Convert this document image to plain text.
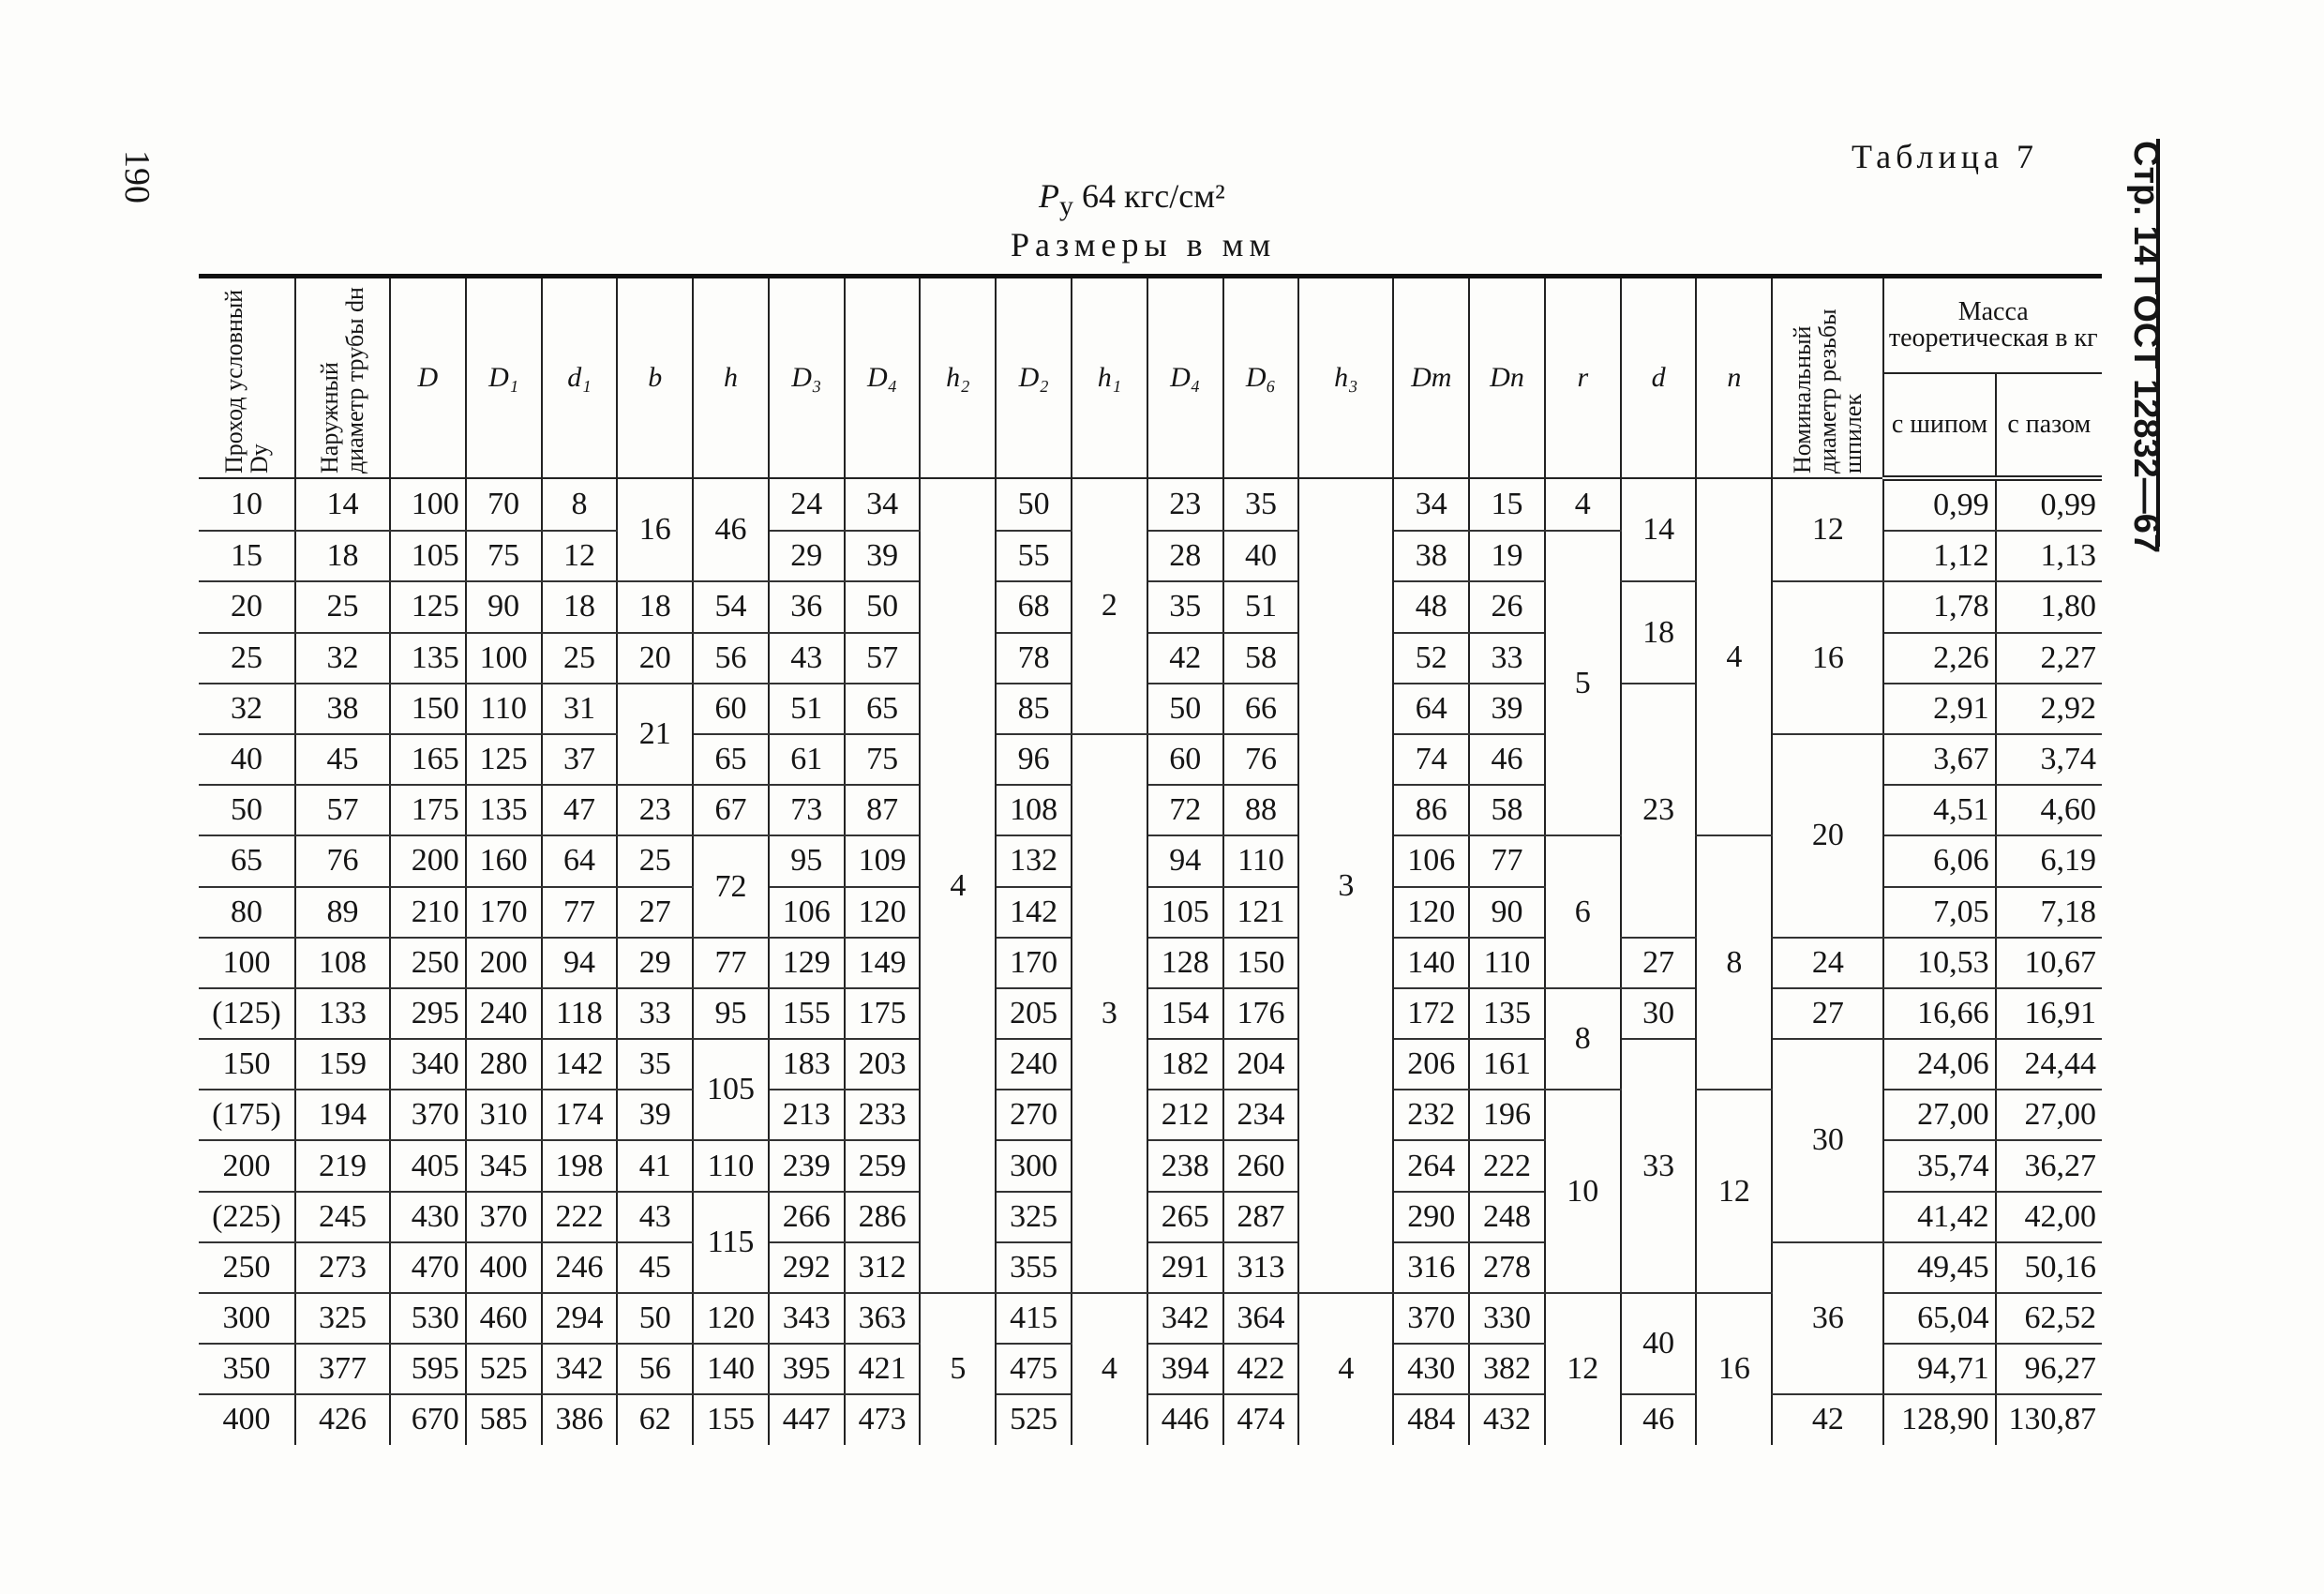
190	Стр. 14 ГОСТ 12832—67
Таблица 7
$P_у$ 64 кгс/см²
Размеры в мм
Проход условный Dу	Наружный диаметр трубы dн	D	D₁	d₁	b	h	D₃	D₄	h₂	D₂	h₁	D₄	D₆	h₃	Dm	Dn	r	d	n	Номинальный диаметр резьбы шпилек	Масса теоретическая в кг	
																					с шипом	с пазом
10	14	100	70	8	16	46	24	34	4	50	2	23	35	3	34	15	4	14	4	12	0,99	0,99
15	18	105	75	12			29	39		55		28	40		38	19	5				1,12	1,13
20	25	125	90	18	18	54	36	50		68		35	51		48	26		18		16	1,78	1,80
25	32	135	100	25	20	56	43	57		78		42	58		52	33					2,26	2,27
32	38	150	110	31	21	60	51	65		85		50	66		64	39		23			2,91	2,92
40	45	165	125	37		65	61	75		96	3	60	76		74	46				20	3,67	3,74
50	57	175	135	47	23	67	73	87		108		72	88		86	58					4,51	4,60
65	76	200	160	64	25	72	95	109		132		94	110		106	77	6		8		6,06	6,19
80	89	210	170	77	27		106	120		142		105	121		120	90					7,05	7,18
100	108	250	200	94	29	77	129	149		170		128	150		140	110		27		24	10,53	10,67
(125)	133	295	240	118	33	95	155	175		205		154	176		172	135	8	30		27	16,66	16,91
150	159	340	280	142	35	105	183	203		240		182	204		206	161		33		30	24,06	24,44
(175)	194	370	310	174	39		213	233		270		212	234		232	196	10		12		27,00	27,00
200	219	405	345	198	41	110	239	259		300		238	260		264	222					35,74	36,27
(225)	245	430	370	222	43	115	266	286		325		265	287		290	248					41,42	42,00
250	273	470	400	246	45		292	312		355		291	313		316	278				36	49,45	50,16
300	325	530	460	294	50	120	343	363	5	415	4	342	364	4	370	330	12	40	16		65,04	62,52
350	377	595	525	342	56	140	395	421		475		394	422		430	382					94,71	96,27
400	426	670	585	386	62	155	447	473		525		446	474		484	432		46		42	128,90	130,87
